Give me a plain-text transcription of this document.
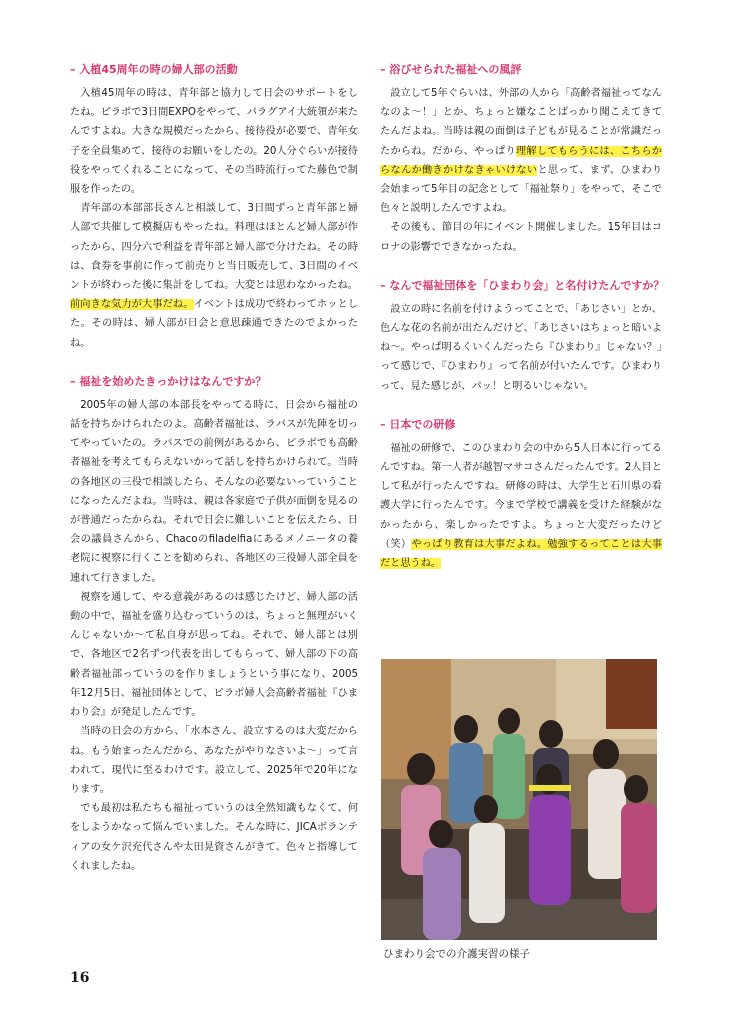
– 入植45周年の時の婦人部の活動

入植45周年の時は、青年部と協力して日会のサポートをしたね。ピラポで3日間EXPOをやって、パラグアイ大統領が来たんですよね。大きな規模だったから、接待役が必要で、青年女子を全員集めて、接待のお願いをしたの。20人分ぐらいが接待役をやってくれることになって、その当時流行ってた藤色で制服を作ったの。

青年部の本部部長さんと相談して、3日間ずっと青年部と婦人部で共催して模擬店もやったね。料理はほとんど婦人部が作ったから、四分六で利益を青年部と婦人部で分けたね。その時は、食券を事前に作って前売りと当日販売して、3日間のイベントが終わった後に集計をしてね。大変とは思わなかったね。前向きな気力が大事だね。イベントは成功で終わってホッとした。その時は、婦人部が日会と意思疎通できたのでよかったね。

– 福祉を始めたきっかけはなんですか？

2005年の婦人部の本部長をやってる時に、日会から福祉の話を持ちかけられたのよ。高齢者福祉は、ラパスが先陣を切ってやっていたの。ラパスでの前例があるから、ピラポでも高齢者福祉を考えてもらえないかって話しを持ちかけられて。当時の各地区の三役で相談したら、そんなの必要ないっていうことになったんだよね。当時は、親は各家庭で子供が面倒を見るのが普通だったからね。それで日会に難しいことを伝えたら、日会の議員さんから、Chacoのfiladelfiaにあるメノニータの養老院に視察に行くことを勧められ、各地区の三役婦人部全員を連れて行きました。

視察を通して、やる意義があるのは感じたけど、婦人部の活動の中で、福祉を盛り込むっていうのは、ちょっと無理がいくんじゃないか〜て私自身が思ってね。それで、婦人部とは別で、各地区で2名ずつ代表を出してもらって、婦人部の下の高齢者福祉部っていうのを作りましょうという事になり、2005年12月5日、福祉団体として、ピラポ婦人会高齢者福祉『ひまわり会』が発足したんです。

当時の日会の方から、「水本さん、設立するのは大変だからね。もう始まったんだから、あなたがやりなさいよ〜」って言われて、現代に至るわけです。設立して、2025年で20年になります。

でも最初は私たちも福祉っていうのは全然知識もなくて、何をしようかなって悩んでいました。そんな時に、JICAボランティアの女ケ沢充代さんや太田晃資さんがきて、色々と指導してくれましたね。

– 浴びせられた福祉への風評

設立して5年ぐらいは、外部の人から「高齢者福祉ってなんなのよ〜！」とか、ちょっと嫌なことばっかり聞こえてきてたんだよね。当時は親の面倒は子どもが見ることが常識だったからね。だから、やっぱり理解してもらうには、こちらからなんか働きかけなきゃいけないと思って、まず、ひまわり会始まって5年目の記念として「福祉祭り」をやって、そこで色々と説明したんですよね。

その後も、節目の年にイベント開催しました。15年目はコロナの影響でできなかったね。

– なんで福祉団体を「ひまわり会」と名付けたんですか？

設立の時に名前を付けようってことで、「あじさい」とか、色んな花の名前が出たんだけど、「あじさいはちょっと暗いよね〜。やっぱ明るくいくんだったら『ひまわり』じゃない？」って感じで、『ひまわり』って名前が付いたんです。ひまわりって、見た感じが、パッ！と明るいじゃない。

– 日本での研修

福祉の研修で、このひまわり会の中から5人日本に行ってるんですね。第一人者が越智マサコさんだったんです。2人目として私が行ったんですね。研修の時は、大学生と石川県の看護大学に行ったんです。今まで学校で講義を受けた経験がなかったから、楽しかったですよ。ちょっと大変だったけど（笑）やっぱり教育は大事だよね。勉強するってことは大事だと思うね。

ひまわり会での介護実習の様子
16
